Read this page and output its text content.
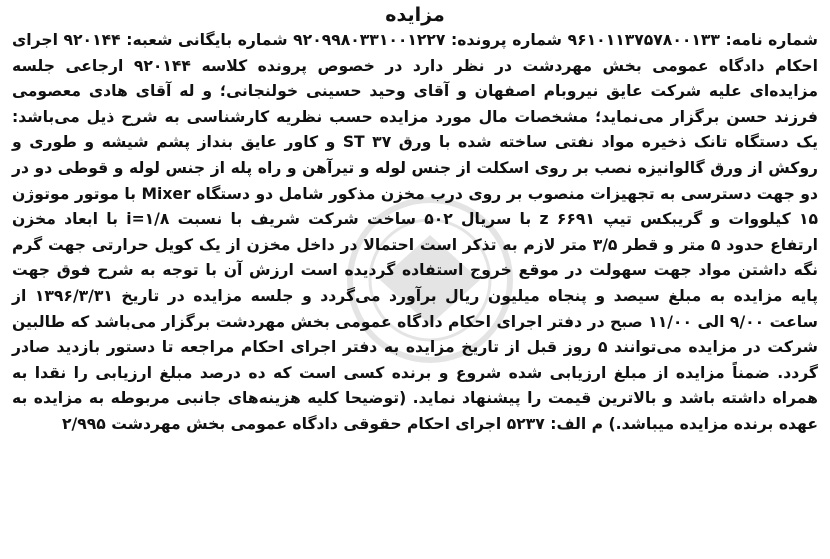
مزایده

شماره نامه: ۹۶۱۰۱۱۳۷۵۷۸۰۰۱۳۳ شماره پرونده: ۹۲۰۹۹۸۰۳۳۱۰۰۱۲۲۷ شماره بایگانی شعبه: ۹۲۰۱۴۴ اجرای احکام دادگاه عمومی بخش مهردشت در نظر دارد در خصوص پرونده کلاسه ۹۲۰۱۴۴ ارجاعی جلسه مزایده‌ای علیه شرکت عایق نیروبام اصفهان و آقای وحید حسینی خولنجانی؛ و له آقای هادی معصومی فرزند حسن برگزار می‌نماید؛ مشخصات مال مورد مزایده حسب نظریه کارشناسی به شرح ذیل می‌باشد: یک دستگاه تانک ذخیره مواد نفتی ساخته شده با ورق ST ۳۷ و کاور عایق بنداز پشم شیشه و طوری و روکش از ورق گالوانیزه نصب بر روی اسکلت از جنس لوله و تیرآهن و راه پله از جنس لوله و قوطی دو در دو جهت دسترسی به تجهیزات منصوب بر روی درب مخزن مذکور شامل دو دستگاه Mixer با موتور موتوژن ۱۵ کیلووات و گریبکس تیپ z ۶۶۹۱ با سریال ۵۰۲ ساخت شرکت شریف با نسبت ۱/۸=i با ابعاد مخزن ارتفاع حدود ۵ متر و قطر ۳/۵ متر لازم به تذکر است احتمالا در داخل مخزن از یک کویل حرارتی جهت گرم نگه داشتن مواد جهت سهولت در موقع خروج استفاده گردیده است ارزش آن با توجه به شرح فوق جهت پایه مزایده به مبلغ سیصد و پنجاه میلیون ریال برآورد می‌گردد و جلسه مزایده در تاریخ ۱۳۹۶/۳/۳۱ از ساعت ۹/۰۰ الی ۱۱/۰۰ صبح در دفتر اجرای احکام دادگاه عمومی بخش مهردشت برگزار می‌باشد که طالبین شرکت در مزایده می‌توانند ۵ روز قبل از تاریخ مزایده به دفتر اجرای احکام مراجعه تا دستور بازدید صادر گردد. ضمناً مزایده از مبلغ ارزیابی شده شروع و برنده کسی است که ده درصد مبلغ ارزیابی را نقدا به همراه داشته باشد و بالاترین قیمت را پیشنهاد نماید. (توضیحا کلیه هزینه‌های جانبی مربوطه به مزایده به عهده برنده مزایده میباشد.) م الف: ۵۲۳۷ اجرای احکام حقوقی دادگاه عمومی بخش مهردشت ۲/۹۹۵
